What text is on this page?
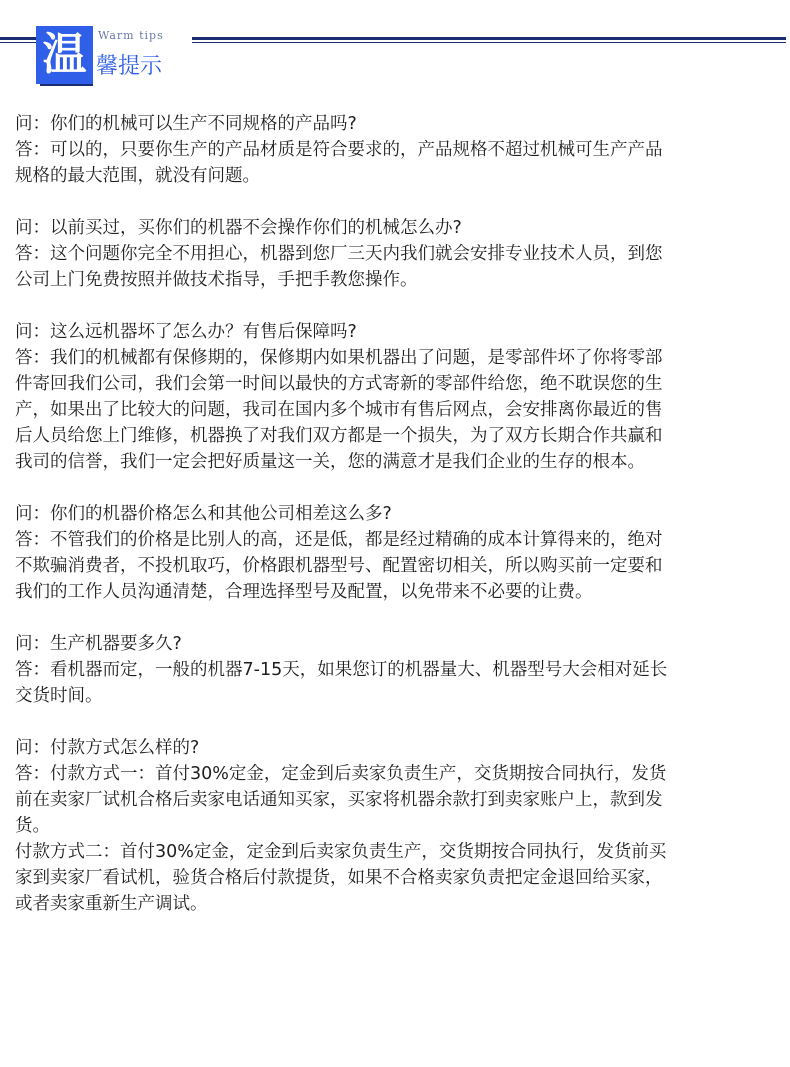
温	Warm tips
馨提示

问：你们的机械可以生产不同规格的产品吗?

答：可以的，只要你生产的产品材质是符合要求的，产品规格不超过机械可生产产品

规格的最大范围，就没有问题。

问：以前买过，买你们的机器不会操作你们的机械怎么办?

答：这个问题你完全不用担心，机器到您厂三天内我们就会安排专业技术人员，到您

公司上门免费按照并做技术指导，手把手教您操作。

问：这么远机器坏了怎么办？有售后保障吗?

答：我们的机械都有保修期的，保修期内如果机器出了问题，是零部件坏了你将零部

件寄回我们公司，我们会第一时间以最快的方式寄新的零部件给您，绝不耽误您的生

产，如果出了比较大的问题，我司在国内多个城市有售后网点，会安排离你最近的售

后人员给您上门维修，机器换了对我们双方都是一个损失，为了双方长期合作共赢和

我司的信誉，我们一定会把好质量这一关，您的满意才是我们企业的生存的根本。

问：你们的机器价格怎么和其他公司相差这么多?

答：不管我们的价格是比别人的高，还是低，都是经过精确的成本计算得来的，绝对

不欺骗消费者，不投机取巧，价格跟机器型号、配置密切相关，所以购买前一定要和

我们的工作人员沟通清楚，合理选择型号及配置，以免带来不必要的让费。

问：生产机器要多久?

答：看机器而定，一般的机器7-15天，如果您订的机器量大、机器型号大会相对延长

交货时间。

问：付款方式怎么样的?

答：付款方式一：首付30%定金，定金到后卖家负责生产，交货期按合同执行，发货

前在卖家厂试机合格后卖家电话通知买家，买家将机器余款打到卖家账户上，款到发

货。

付款方式二：首付30%定金，定金到后卖家负责生产，交货期按合同执行，发货前买

家到卖家厂看试机，验货合格后付款提货，如果不合格卖家负责把定金退回给买家，

或者卖家重新生产调试。
